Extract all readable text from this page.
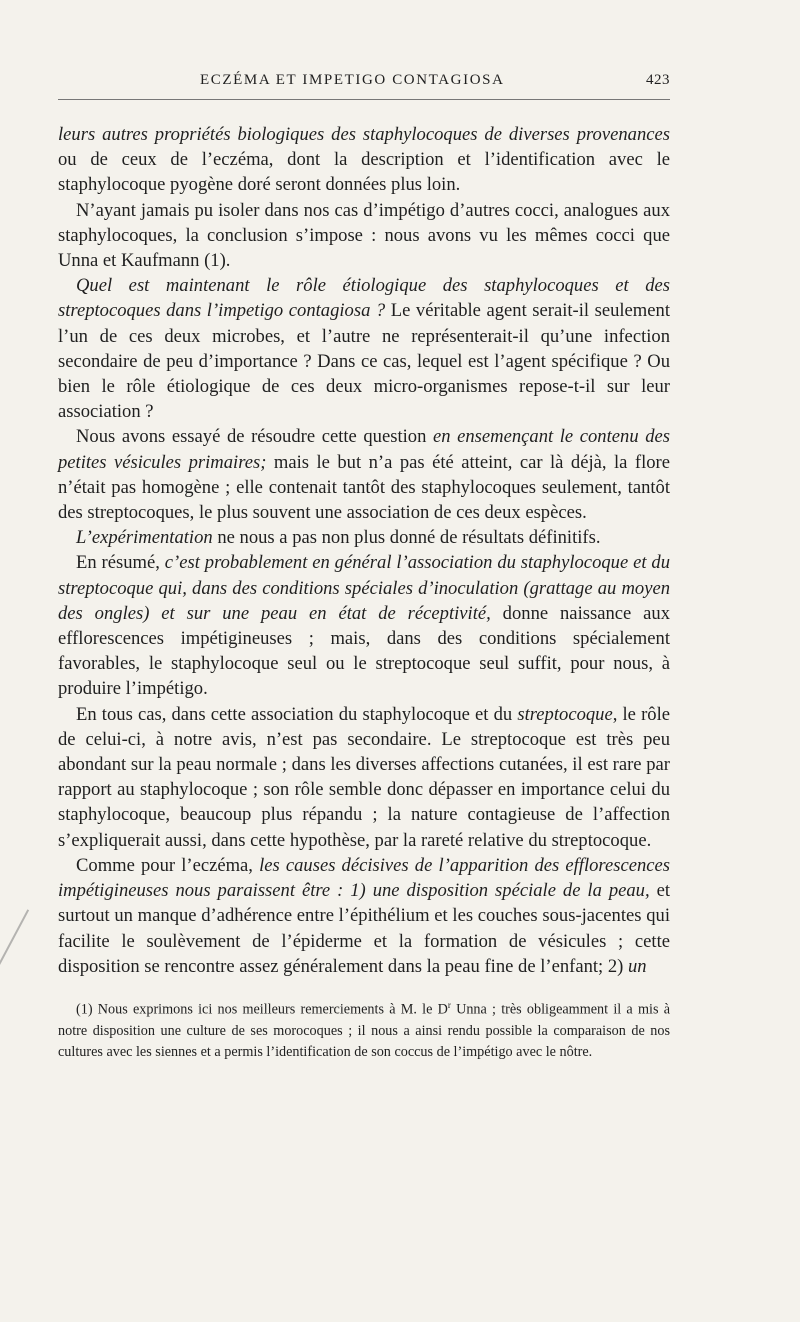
ECZÉMA ET IMPETIGO CONTAGIOSA	423

leurs autres propriétés biologiques des staphylocoques de diverses provenances ou de ceux de l’eczéma, dont la description et l’identification avec le staphylocoque pyogène doré seront données plus loin.

N’ayant jamais pu isoler dans nos cas d’impétigo d’autres cocci, analogues aux staphylocoques, la conclusion s’impose : nous avons vu les mêmes cocci que Unna et Kaufmann (1).

Quel est maintenant le rôle étiologique des staphylocoques et des streptocoques dans l’impetigo contagiosa ? Le véritable agent serait-il seulement l’un de ces deux microbes, et l’autre ne représenterait-il qu’une infection secondaire de peu d’importance ? Dans ce cas, lequel est l’agent spécifique ? Ou bien le rôle étiologique de ces deux micro-organismes repose-t-il sur leur association ?

Nous avons essayé de résoudre cette question en ensemençant le contenu des petites vésicules primaires; mais le but n’a pas été atteint, car là déjà, la flore n’était pas homogène ; elle contenait tantôt des staphylocoques seulement, tantôt des streptocoques, le plus souvent une association de ces deux espèces.

L’expérimentation ne nous a pas non plus donné de résultats définitifs.

En résumé, c’est probablement en général l’association du staphylocoque et du streptocoque qui, dans des conditions spéciales d’inoculation (grattage au moyen des ongles) et sur une peau en état de réceptivité, donne naissance aux efflorescences impétigineuses ; mais, dans des conditions spécialement favorables, le staphylocoque seul ou le streptocoque seul suffit, pour nous, à produire l’impétigo.

En tous cas, dans cette association du staphylocoque et du streptocoque, le rôle de celui-ci, à notre avis, n’est pas secondaire. Le streptocoque est très peu abondant sur la peau normale ; dans les diverses affections cutanées, il est rare par rapport au staphylocoque ; son rôle semble donc dépasser en importance celui du staphylocoque, beaucoup plus répandu ; la nature contagieuse de l’affection s’expliquerait aussi, dans cette hypothèse, par la rareté relative du streptocoque.

Comme pour l’eczéma, les causes décisives de l’apparition des efflorescences impétigineuses nous paraissent être : 1) une disposition spéciale de la peau, et surtout un manque d’adhérence entre l’épithélium et les couches sous-jacentes qui facilite le soulèvement de l’épiderme et la formation de vésicules ; cette disposition se rencontre assez généralement dans la peau fine de l’enfant; 2) un

(1) Nous exprimons ici nos meilleurs remerciements à M. le $D^r$ Unna ; très obligeamment il a mis à notre disposition une culture de ses morocoques ; il nous a ainsi rendu possible la comparaison de nos cultures avec les siennes et a permis l’identification de son coccus de l’impétigo avec le nôtre.
